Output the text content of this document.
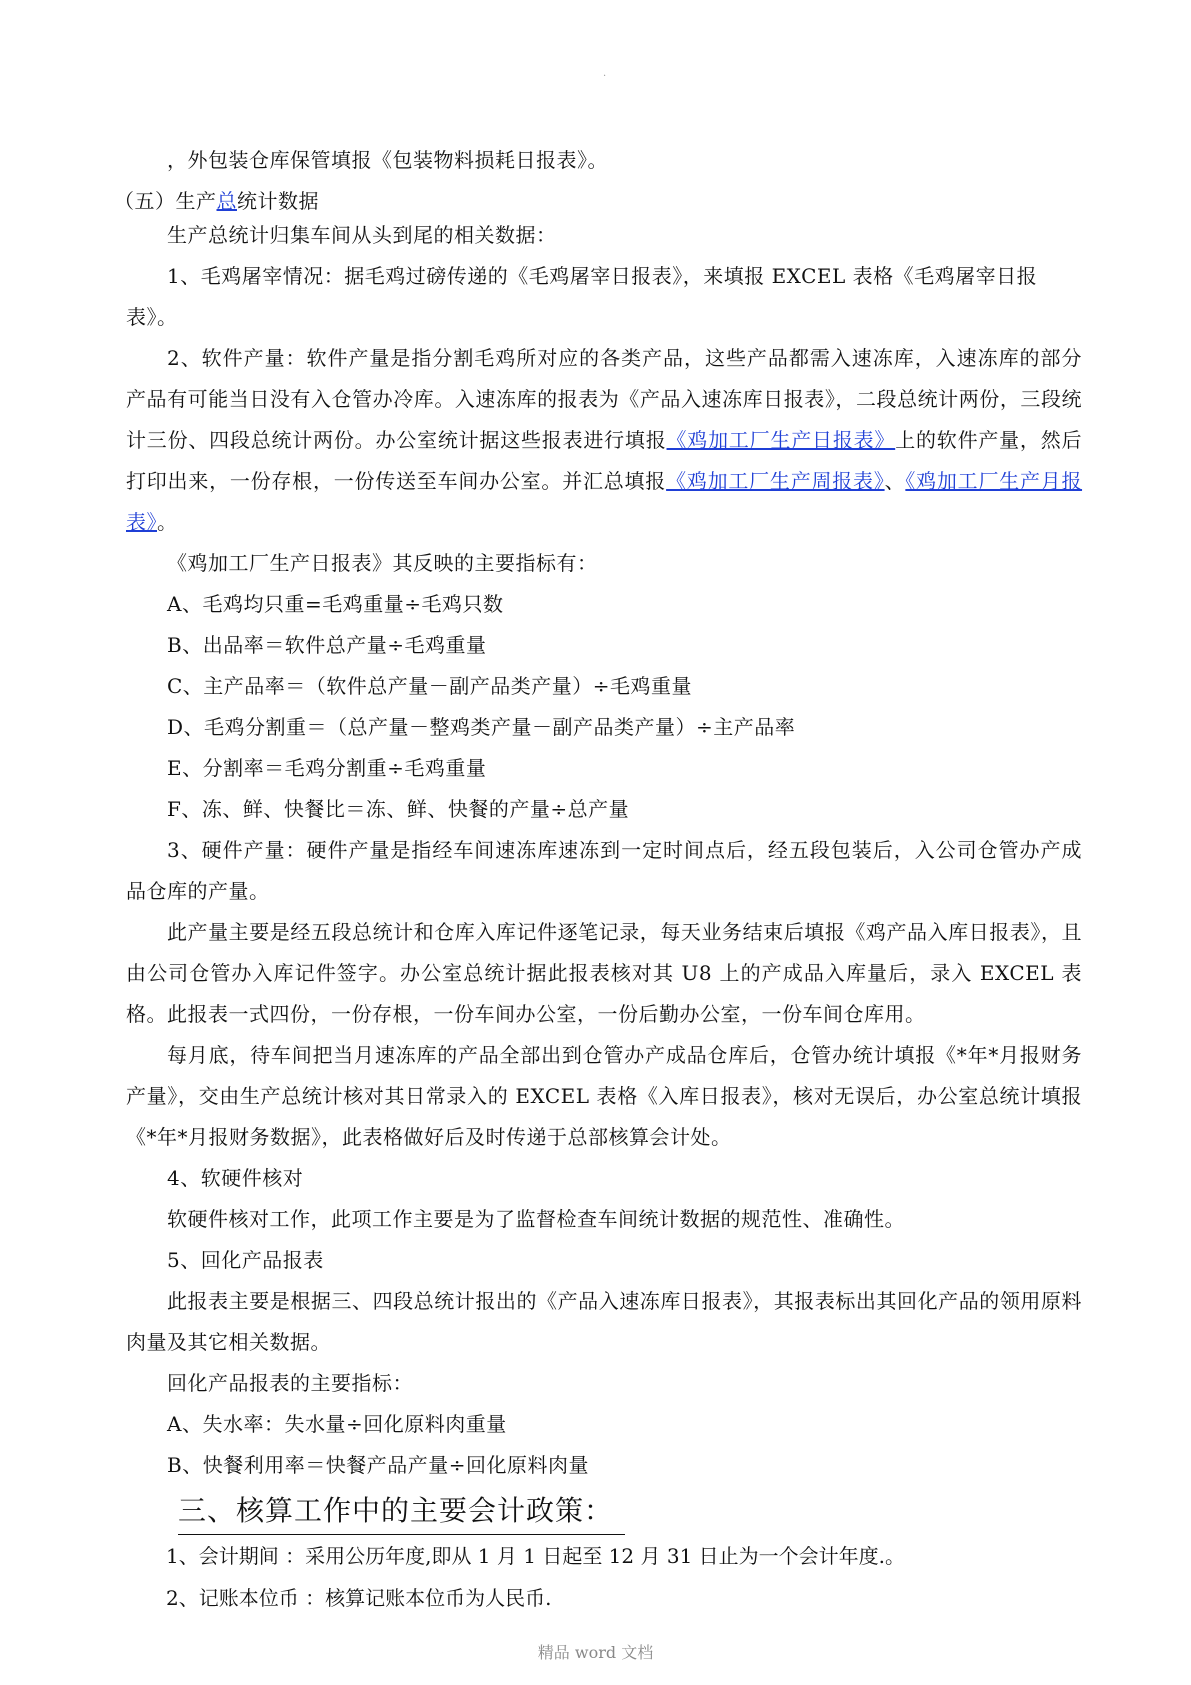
.

，外包装仓库保管填报《包装物料损耗日报表》。

（五）生产总统计数据

生产总统计归集车间从头到尾的相关数据：

1、毛鸡屠宰情况：据毛鸡过磅传递的《毛鸡屠宰日报表》，来填报 EXCEL 表格《毛鸡屠宰日报表》。

2、软件产量：软件产量是指分割毛鸡所对应的各类产品，这些产品都需入速冻库，入速冻库的部分产品有可能当日没有入仓管办冷库。入速冻库的报表为《产品入速冻库日报表》，二段总统计两份，三段统计三份、四段总统计两份。办公室统计据这些报表进行填报《鸡加工厂生产日报表》上的软件产量，然后打印出来，一份存根，一份传送至车间办公室。并汇总填报《鸡加工厂生产周报表》、《鸡加工厂生产月报表》。

《鸡加工厂生产日报表》其反映的主要指标有：

A、毛鸡均只重=毛鸡重量÷毛鸡只数

B、出品率＝软件总产量÷毛鸡重量

C、主产品率＝（软件总产量－副产品类产量）÷毛鸡重量

D、毛鸡分割重＝（总产量－整鸡类产量－副产品类产量）÷主产品率

E、分割率＝毛鸡分割重÷毛鸡重量

F、冻、鲜、快餐比＝冻、鲜、快餐的产量÷总产量

3、硬件产量：硬件产量是指经车间速冻库速冻到一定时间点后，经五段包装后，入公司仓管办产成品仓库的产量。

此产量主要是经五段总统计和仓库入库记件逐笔记录，每天业务结束后填报《鸡产品入库日报表》，且由公司仓管办入库记件签字。办公室总统计据此报表核对其 U8 上的产成品入库量后，录入 EXCEL 表格。此报表一式四份，一份存根，一份车间办公室，一份后勤办公室，一份车间仓库用。

每月底，待车间把当月速冻库的产品全部出到仓管办产成品仓库后，仓管办统计填报《*年*月报财务产量》，交由生产总统计核对其日常录入的 EXCEL 表格《入库日报表》，核对无误后，办公室总统计填报《*年*月报财务数据》，此表格做好后及时传递于总部核算会计处。

4、软硬件核对

软硬件核对工作，此项工作主要是为了监督检查车间统计数据的规范性、准确性。

5、回化产品报表

此报表主要是根据三、四段总统计报出的《产品入速冻库日报表》，其报表标出其回化产品的领用原料肉量及其它相关数据。

回化产品报表的主要指标：

A、失水率：失水量÷回化原料肉重量

B、快餐利用率＝快餐产品产量÷回化原料肉量

三、核算工作中的主要会计政策：

1、会计期间 ：采用公历年度,即从 1 月 1 日起至 12 月 31 日止为一个会计年度.。

2、记账本位币 ：核算记账本位币为人民币.

精品 word 文档
